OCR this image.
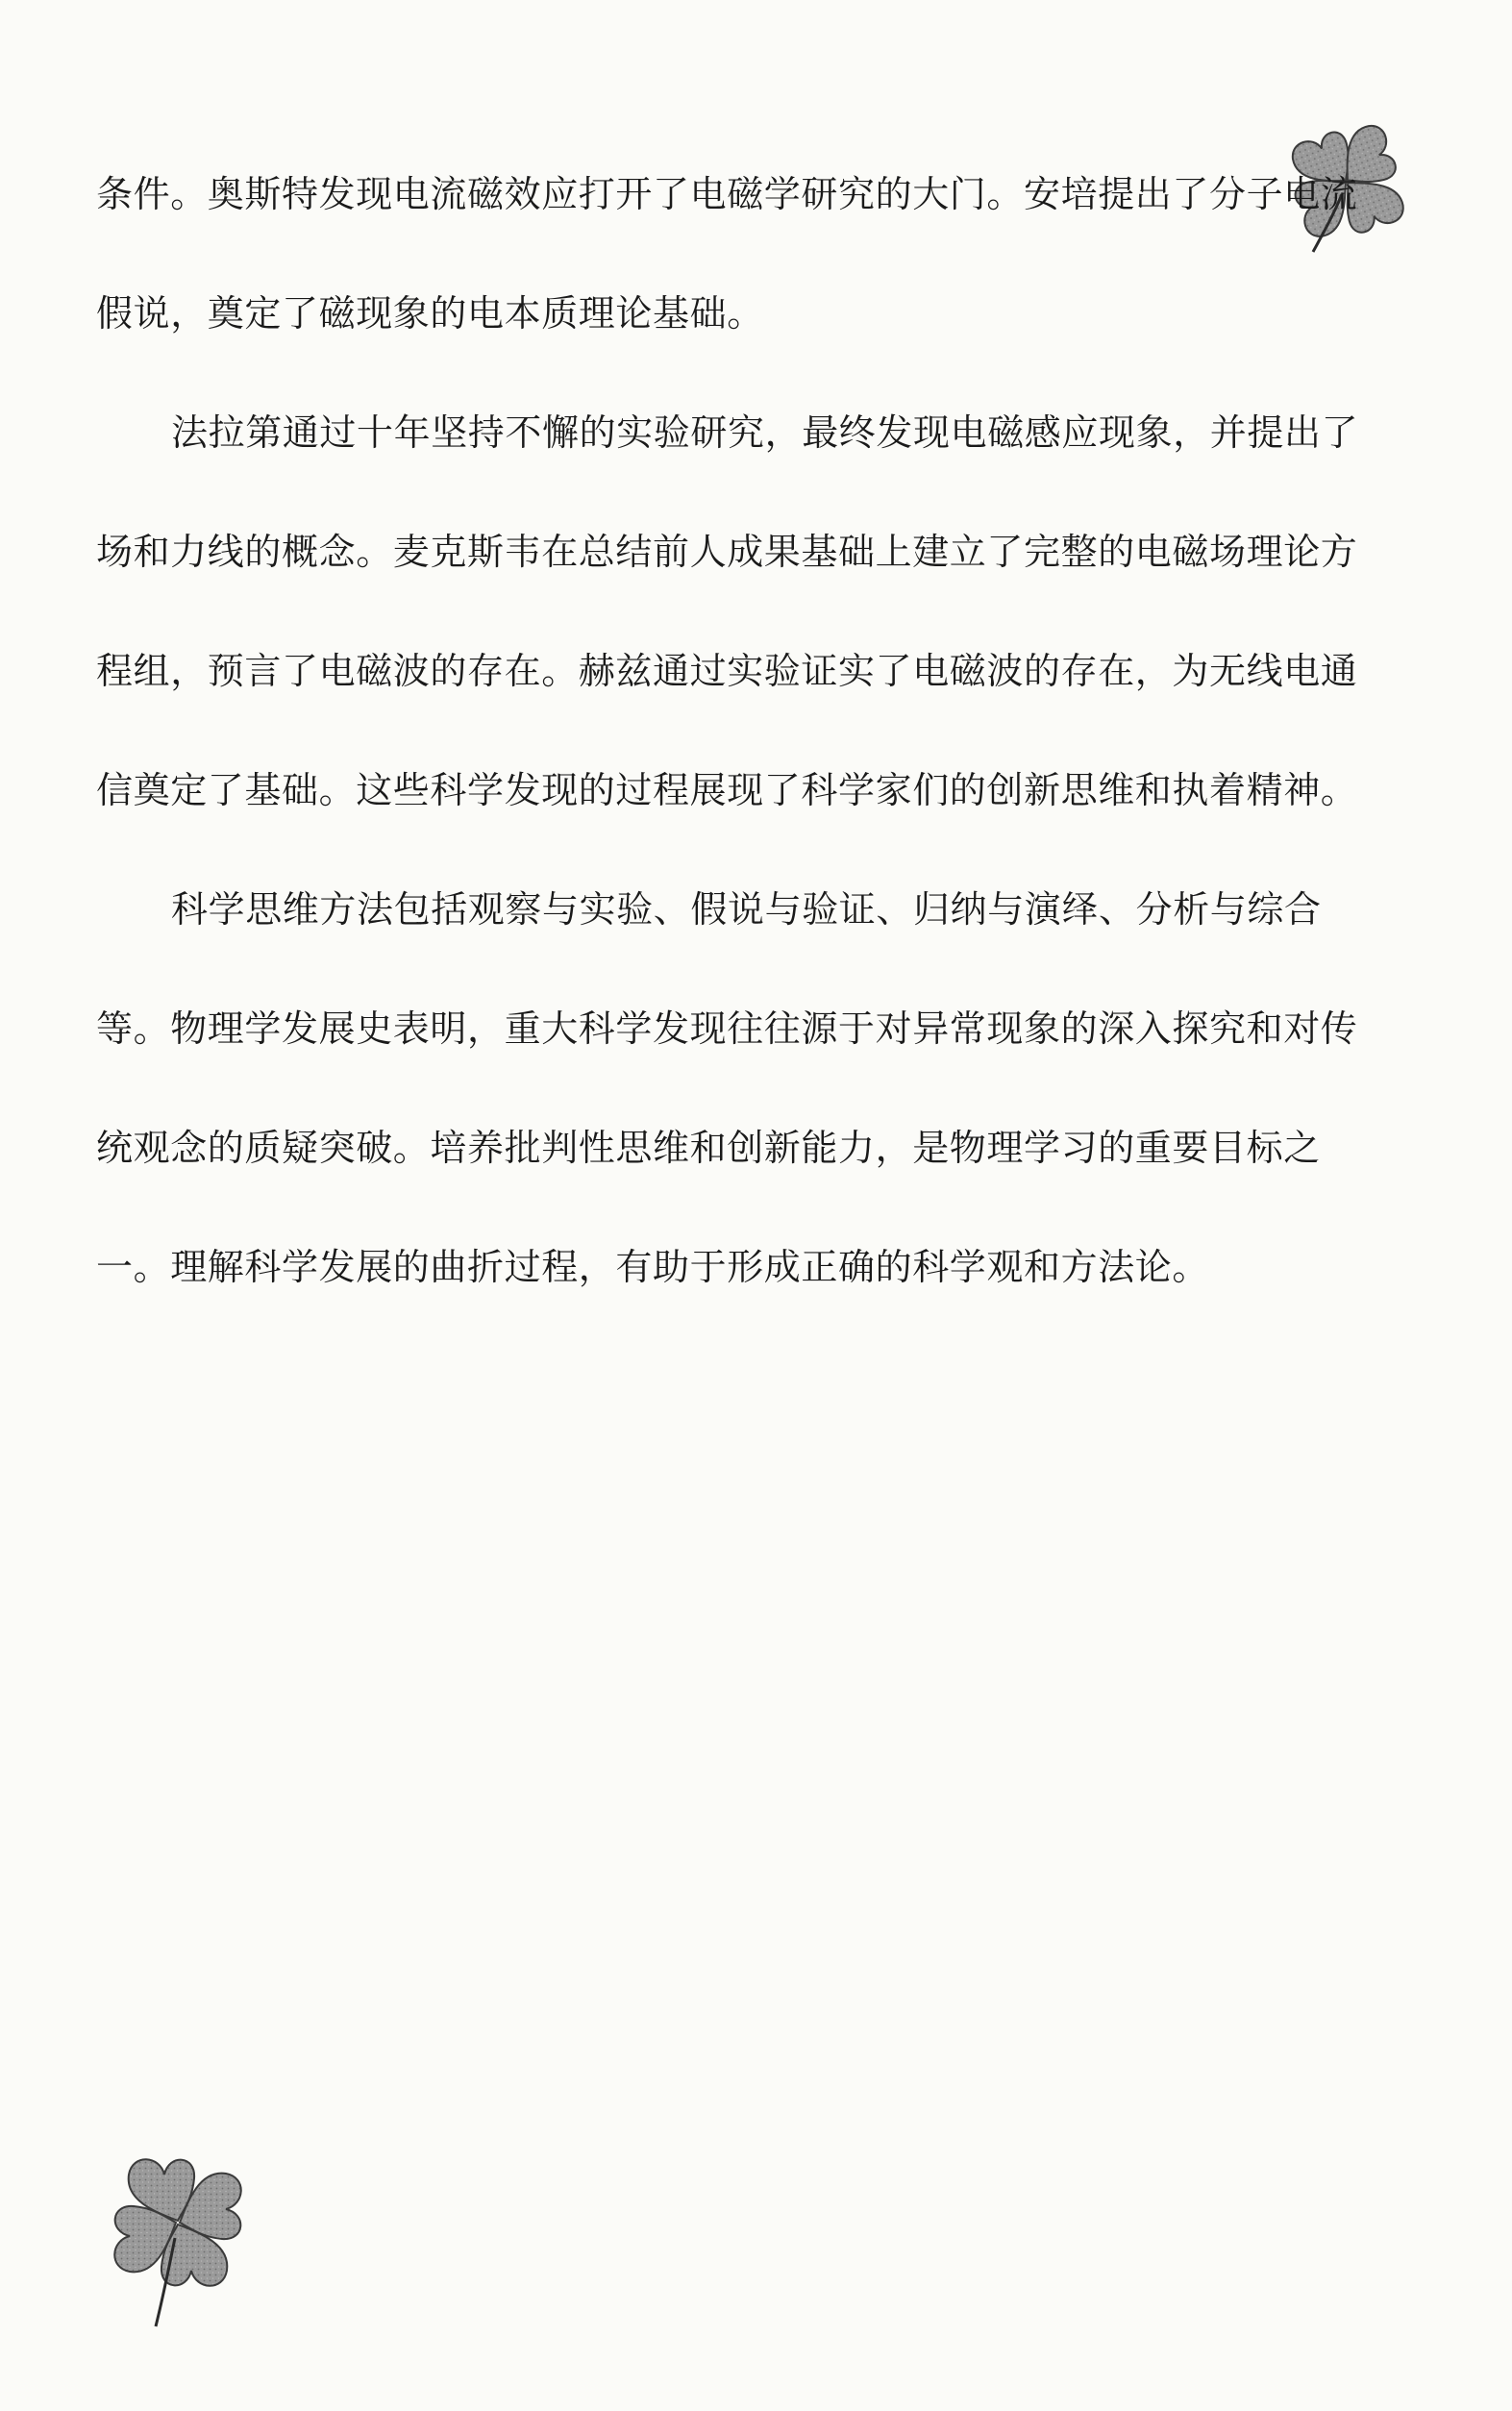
条件。奥斯特发现电流磁效应打开了电磁学研究的大门。安培提出了分子电流
假说，奠定了磁现象的电本质理论基础。
法拉第通过十年坚持不懈的实验研究，最终发现电磁感应现象，并提出了
场和力线的概念。麦克斯韦在总结前人成果基础上建立了完整的电磁场理论方
程组，预言了电磁波的存在。赫兹通过实验证实了电磁波的存在，为无线电通
信奠定了基础。这些科学发现的过程展现了科学家们的创新思维和执着精神。
科学思维方法包括观察与实验、假说与验证、归纳与演绎、分析与综合
等。物理学发展史表明，重大科学发现往往源于对异常现象的深入探究和对传
统观念的质疑突破。培养批判性思维和创新能力，是物理学习的重要目标之
一。理解科学发展的曲折过程，有助于形成正确的科学观和方法论。
